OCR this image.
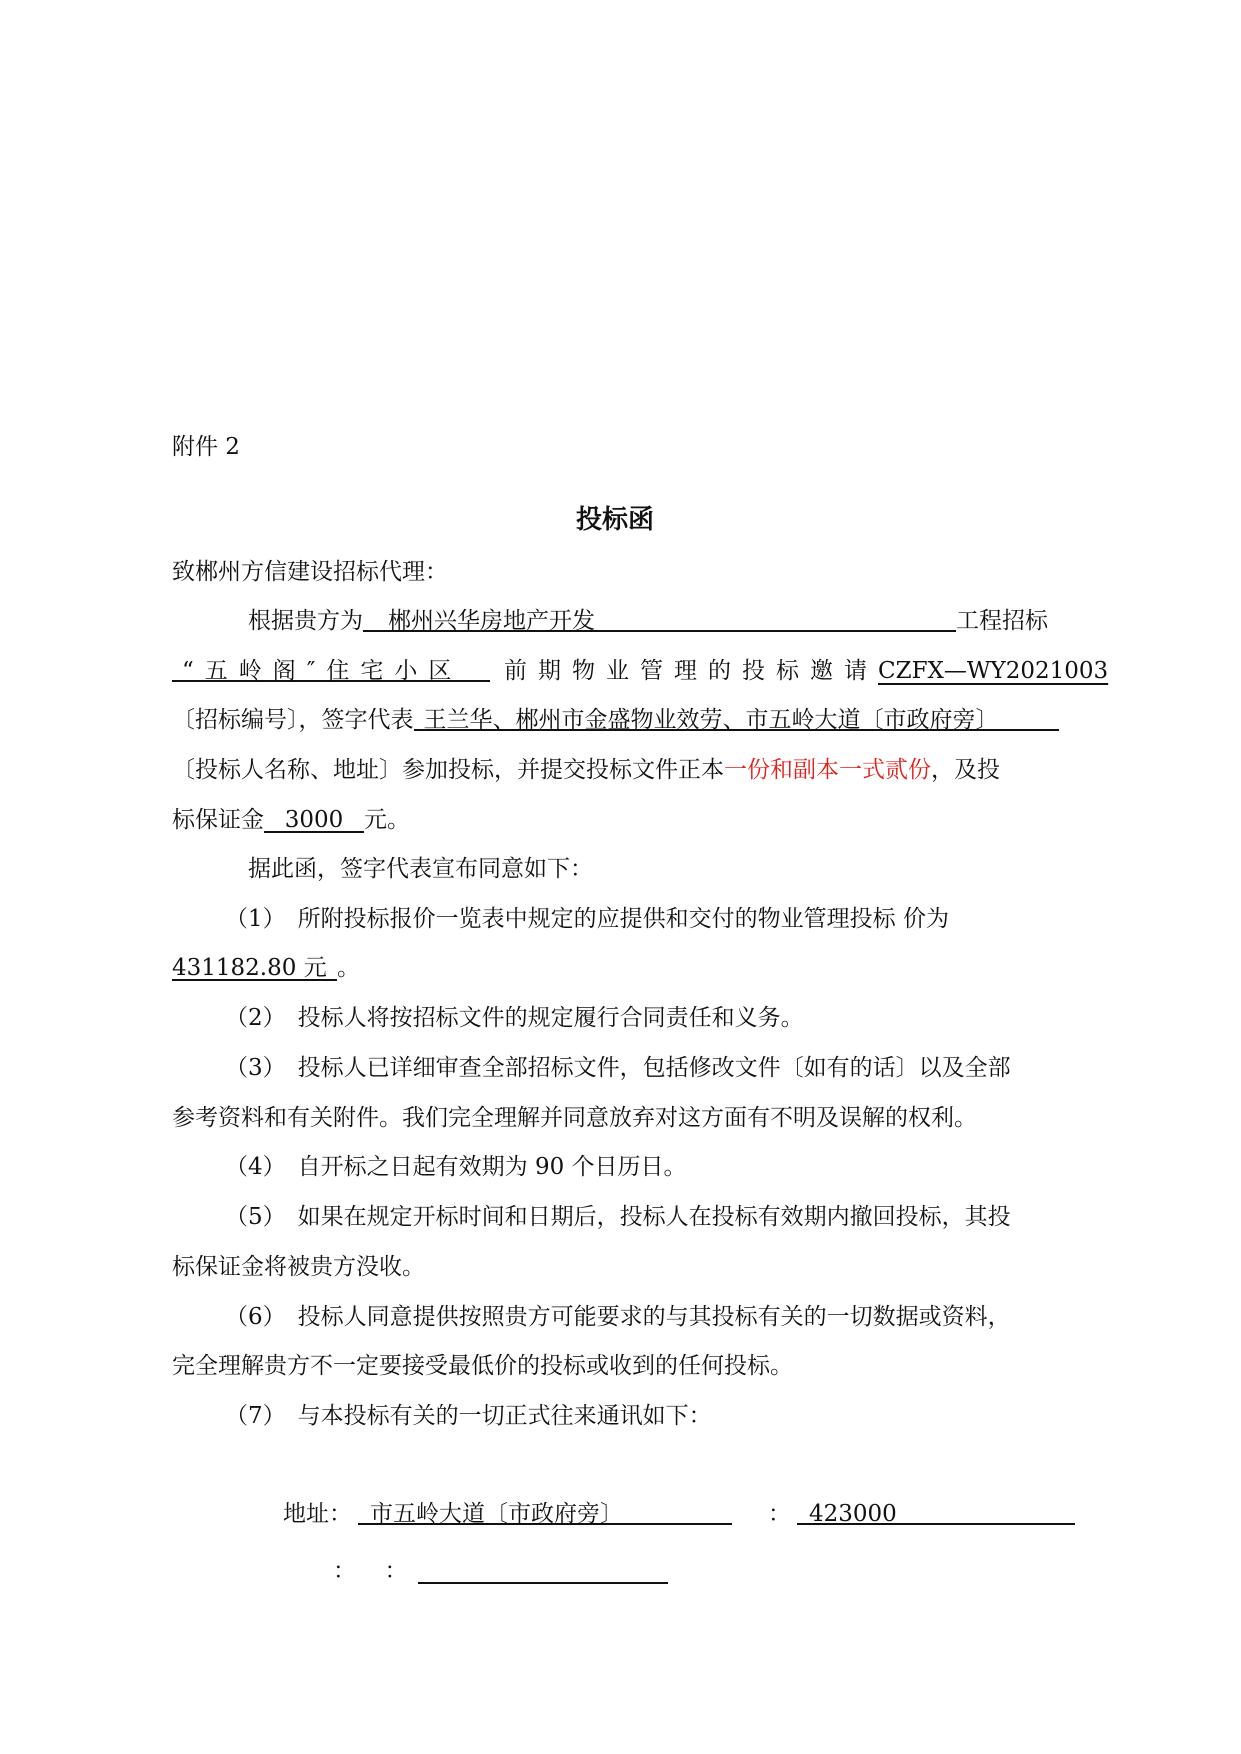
附件 2
投标函
致郴州方信建设招标代理：
根据贵方为 郴州兴华房地产开发	工程招标
“五岭阁″住宅小区 前期物业管理的投标邀请CZFX—WY2021003
〔招标编号〕，签字代表 王兰华、郴州市金盛物业效劳、市五岭大道〔市政府旁〕
〔投标人名称、地址〕参加投标，并提交投标文件正本一份和副本一式贰份，及投
标保证金 3000 元。
据此函，签字代表宣布同意如下：
（1） 所附投标报价一览表中规定的应提供和交付的物业管理投标 价为
431182.80 元 。
（2） 投标人将按招标文件的规定履行合同责任和义务。
（3） 投标人已详细审查全部招标文件，包括修改文件〔如有的话〕以及全部
参考资料和有关附件。我们完全理解并同意放弃对这方面有不明及误解的权利。
（4） 自开标之日起有效期为 90 个日历日。
（5） 如果在规定开标时间和日期后，投标人在投标有效期内撤回投标，其投
标保证金将被贵方没收。
（6） 投标人同意提供按照贵方可能要求的与其投标有关的一切数据或资料，
完全理解贵方不一定要接受最低价的投标或收到的任何投标。
（7） 与本投标有关的一切正式往来通讯如下：
地址： 市五岭大道〔市政府旁〕	： 423000
： ：
